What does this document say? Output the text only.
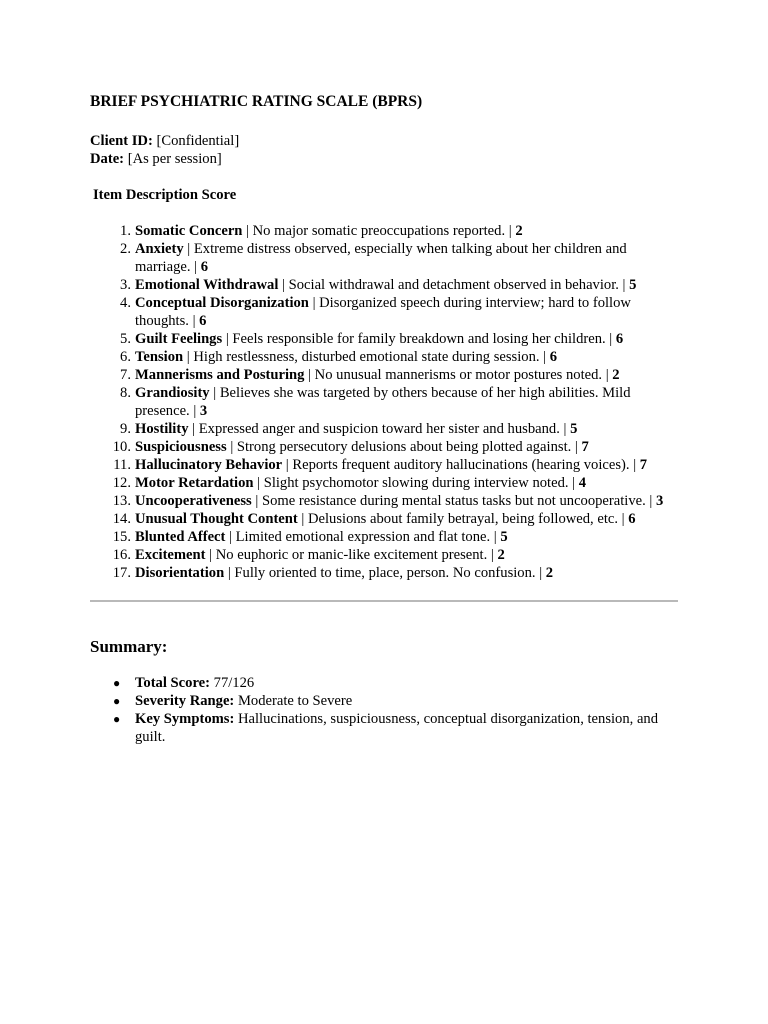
BRIEF PSYCHIATRIC RATING SCALE (BPRS)

Client ID: [Confidential]

Date: [As per session]

Item Description Score
1. Somatic Concern | No major somatic preoccupations reported. | 2
2. Anxiety | Extreme distress observed, especially when talking about her children and marriage. | 6
3. Emotional Withdrawal | Social withdrawal and detachment observed in behavior. | 5
4. Conceptual Disorganization | Disorganized speech during interview; hard to follow thoughts. | 6
5. Guilt Feelings | Feels responsible for family breakdown and losing her children. | 6
6. Tension | High restlessness, disturbed emotional state during session. | 6
7. Mannerisms and Posturing | No unusual mannerisms or motor postures noted. | 2
8. Grandiosity | Believes she was targeted by others because of her high abilities. Mild presence. | 3
9. Hostility | Expressed anger and suspicion toward her sister and husband. | 5
10. Suspiciousness | Strong persecutory delusions about being plotted against. | 7
11. Hallucinatory Behavior | Reports frequent auditory hallucinations (hearing voices). | 7
12. Motor Retardation | Slight psychomotor slowing during interview noted. | 4
13. Uncooperativeness | Some resistance during mental status tasks but not uncooperative. | 3
14. Unusual Thought Content | Delusions about family betrayal, being followed, etc. | 6
15. Blunted Affect | Limited emotional expression and flat tone. | 5
16. Excitement | No euphoric or manic-like excitement present. | 2
17. Disorientation | Fully oriented to time, place, person. No confusion. | 2
Summary:
● Total Score: 77/126
● Severity Range: Moderate to Severe
● Key Symptoms: Hallucinations, suspiciousness, conceptual disorganization, tension, and guilt.
